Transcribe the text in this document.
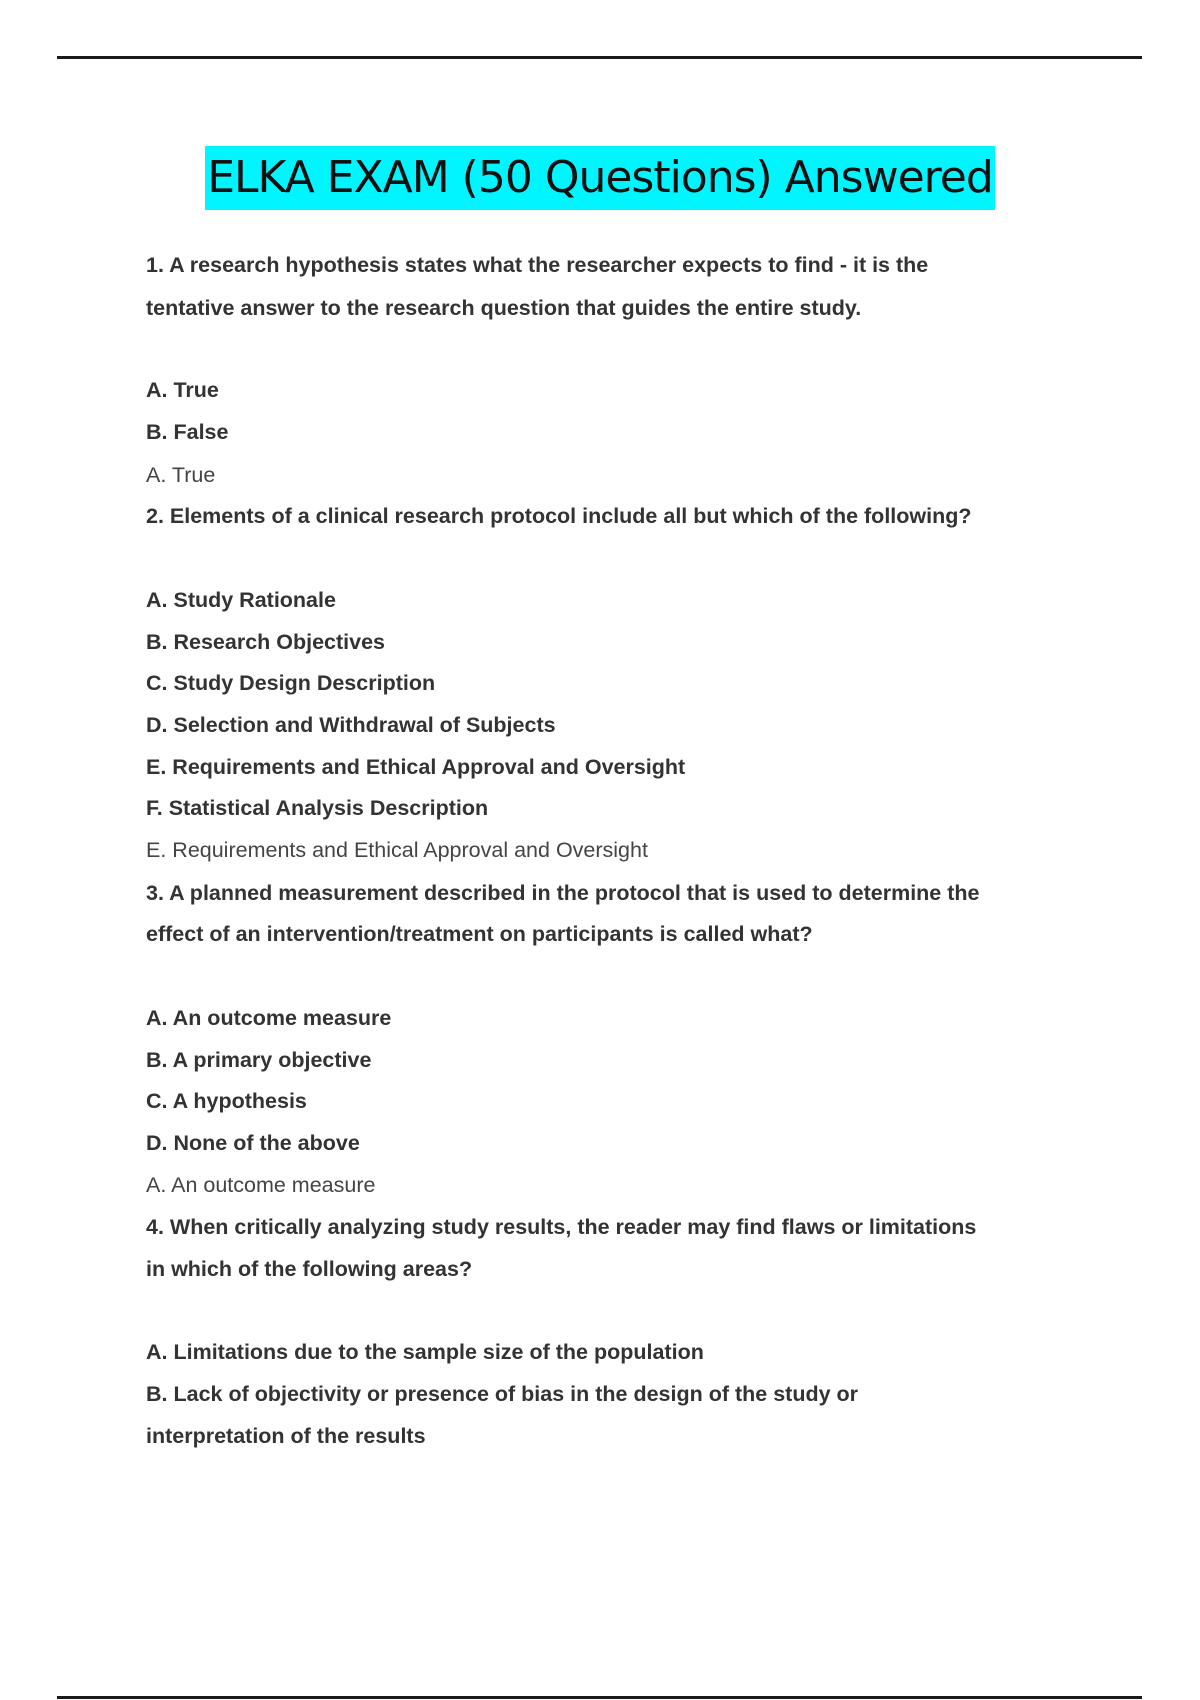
ELKA EXAM (50 Questions) Answered
1. A research hypothesis states what the researcher expects to find - it is the
tentative answer to the research question that guides the entire study.
A. True
B. False
A. True
2. Elements of a clinical research protocol include all but which of the following?
A. Study Rationale
B. Research Objectives
C. Study Design Description
D. Selection and Withdrawal of Subjects
E. Requirements and Ethical Approval and Oversight
F. Statistical Analysis Description
E. Requirements and Ethical Approval and Oversight
3. A planned measurement described in the protocol that is used to determine the
effect of an intervention/treatment on participants is called what?
A. An outcome measure
B. A primary objective
C. A hypothesis
D. None of the above
A. An outcome measure
4. When critically analyzing study results, the reader may find flaws or limitations
in which of the following areas?
A. Limitations due to the sample size of the population
B. Lack of objectivity or presence of bias in the design of the study or
interpretation of the results
